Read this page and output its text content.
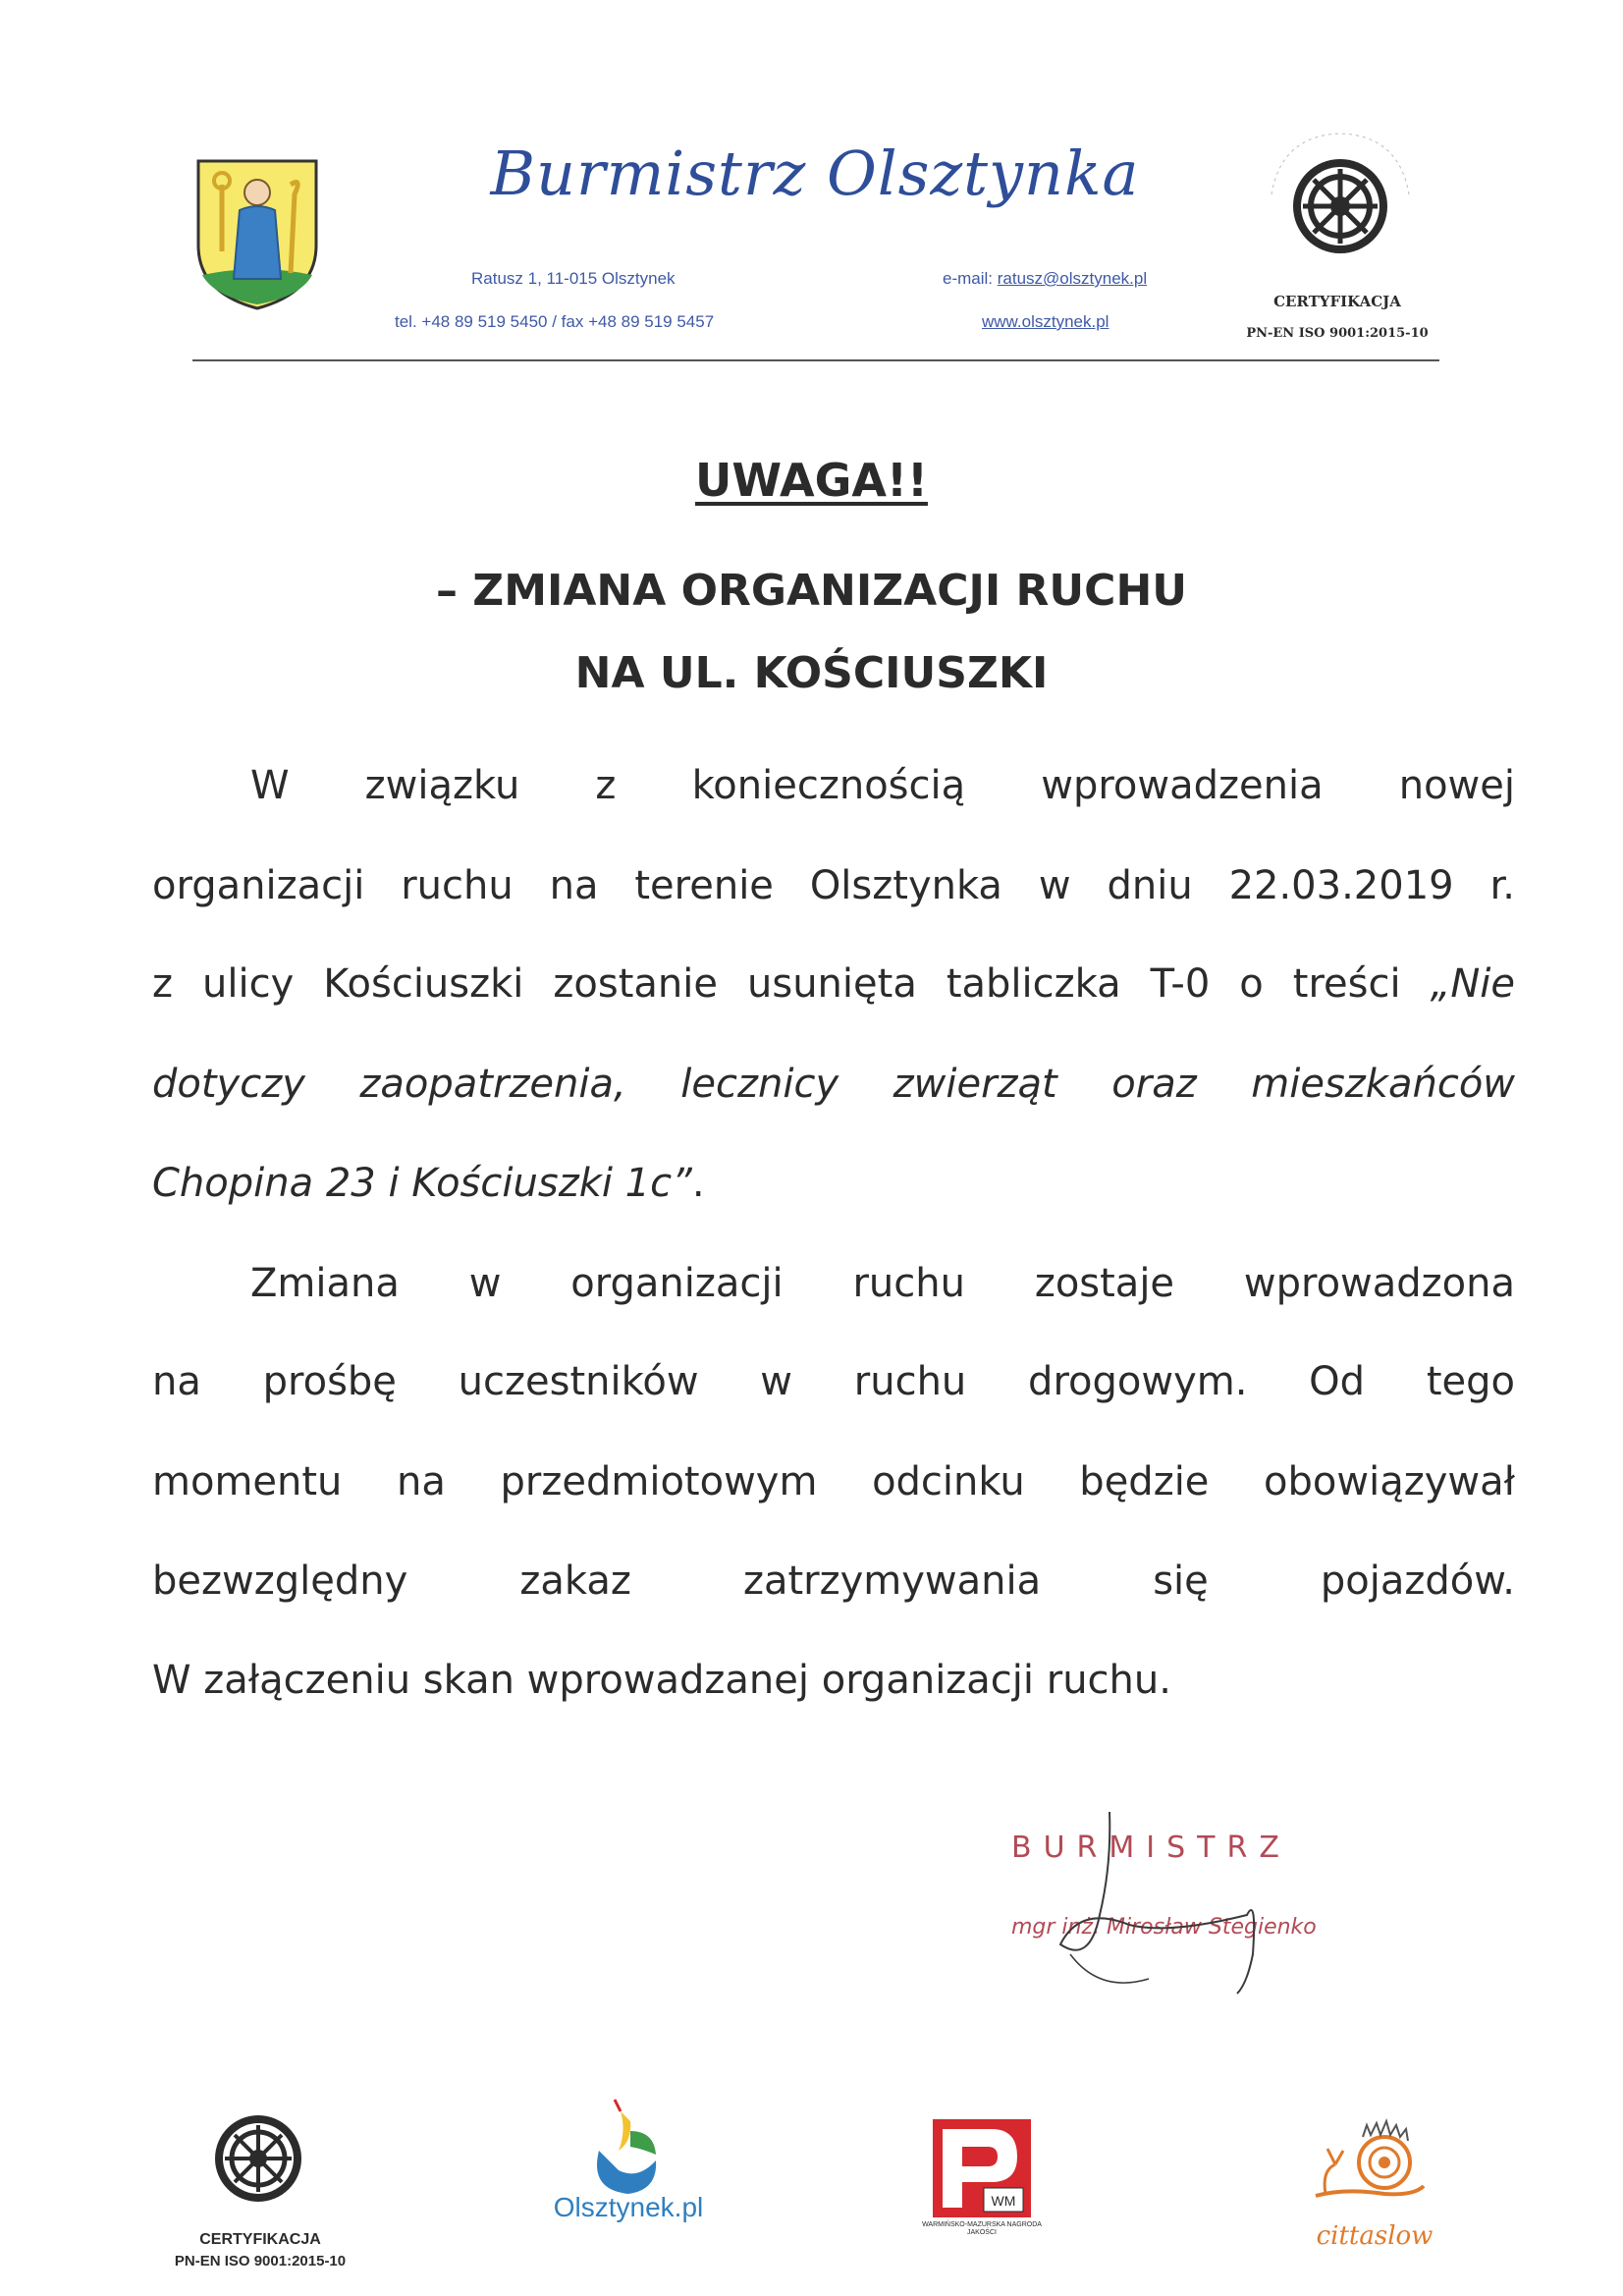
Burmistrz Olsztynka
Ratusz 1, 11-015 Olsztynek
tel. +48 89 519 5450 / fax +48 89 519 5457
e-mail: ratusz@olsztynek.pl
www.olsztynek.pl
CERTYFIKACJA
PN-EN ISO 9001:2015-10
UWAGA!!
– ZMIANA ORGANIZACJI RUCHU
NA UL. KOŚCIUSZKI
W związku z koniecznością wprowadzenia nowej
organizacji ruchu na terenie Olsztynka w dniu 22.03.2019 r.
z ulicy Kościuszki zostanie usunięta tabliczka T-0 o treści „Nie
dotyczy zaopatrzenia, lecznicy zwierząt oraz mieszkańców
Chopina 23 i Kościuszki 1c”.
Zmiana w organizacji ruchu zostaje wprowadzona
na prośbę uczestników w ruchu drogowym. Od tego
momentu na przedmiotowym odcinku będzie obowiązywał
bezwzględny zakaz zatrzymywania się pojazdów.
W załączeniu skan wprowadzanej organizacji ruchu.
BURMISTRZ
mgr inż. Mirosław Stegienko
CERTYFIKACJA
PN-EN ISO 9001:2015-10
Olsztynek.pl	WM
WARMIŃSKO-MAZURSKA NAGRODA JAKOŚCI	cittaslow
